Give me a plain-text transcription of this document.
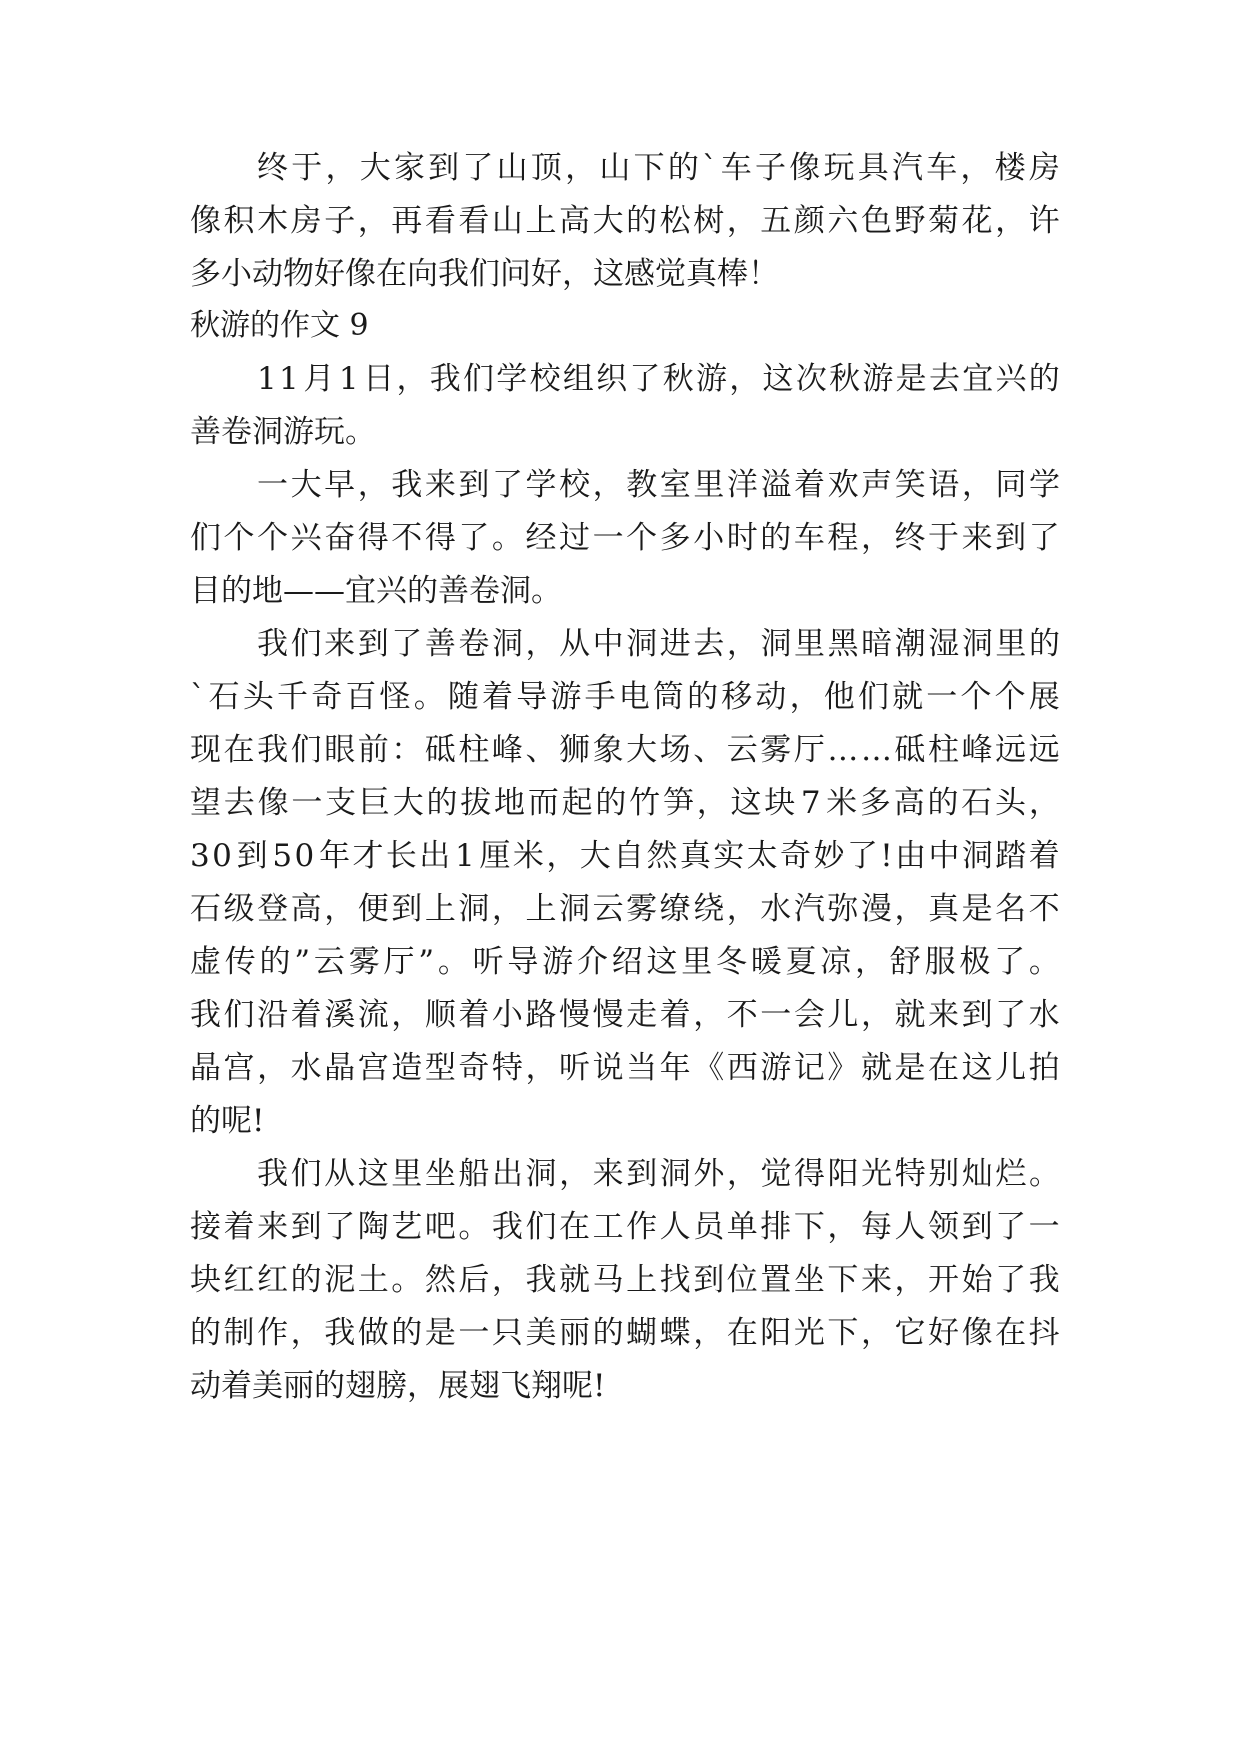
终 于 ， 大 家 到 了 山 顶 ， 山 下 的 ` 车 子 像 玩 具 汽 车 ， 楼 房
像 积 木 房 子 ， 再 看 看 山 上 高 大 的 松 树 ， 五 颜 六 色 野 菊 花 ， 许
多小动物好像在向我们问好，这感觉真棒！
秋游的作文 9
1 1 月 1 日 ， 我 们 学 校 组 织 了 秋 游 ， 这 次 秋 游 是 去 宜 兴 的
善卷洞游玩。
一 大 早 ， 我 来 到 了 学 校 ， 教 室 里 洋 溢 着 欢 声 笑 语 ， 同 学
们 个 个 兴 奋 得 不 得 了 。 经 过 一 个 多 小 时 的 车 程 ， 终 于 来 到 了
目的地——宜兴的善卷洞。
我 们 来 到 了 善 卷 洞 ， 从 中 洞 进 去 ， 洞 里 黑 暗 潮 湿 洞 里 的
` 石 头 千 奇 百 怪 。 随 着 导 游 手 电 筒 的 移 动 ， 他 们 就 一 个 个 展
现 在 我 们 眼 前 ： 砥 柱 峰 、 狮 象 大 场 、 云 雾 厅 … … 砥 柱 峰 远 远
望 去 像 一 支 巨 大 的 拔 地 而 起 的 竹 笋 ， 这 块 7 米 多 高 的 石 头 ，
3 0 到 5 0 年 才 长 出 1 厘 米 ， 大 自 然 真 实 太 奇 妙 了 ! 由 中 洞 踏 着
石 级 登 高 ， 便 到 上 洞 ， 上 洞 云 雾 缭 绕 ， 水 汽 弥 漫 ， 真 是 名 不
虚 传 的 ” 云 雾 厅 ” 。 听 导 游 介 绍 这 里 冬 暖 夏 凉 ， 舒 服 极 了 。
我 们 沿 着 溪 流 ， 顺 着 小 路 慢 慢 走 着 ， 不 一 会 儿 ， 就 来 到 了 水
晶 宫 ， 水 晶 宫 造 型 奇 特 ， 听 说 当 年 《 西 游 记 》 就 是 在 这 儿 拍
的呢!
我 们 从 这 里 坐 船 出 洞 ， 来 到 洞 外 ， 觉 得 阳 光 特 别 灿 烂 。
接 着 来 到 了 陶 艺 吧 。 我 们 在 工 作 人 员 单 排 下 ， 每 人 领 到 了 一
块 红 红 的 泥 土 。 然 后 ， 我 就 马 上 找 到 位 置 坐 下 来 ， 开 始 了 我
的 制 作 ， 我 做 的 是 一 只 美 丽 的 蝴 蝶 ， 在 阳 光 下 ， 它 好 像 在 抖
动着美丽的翅膀，展翅飞翔呢!
